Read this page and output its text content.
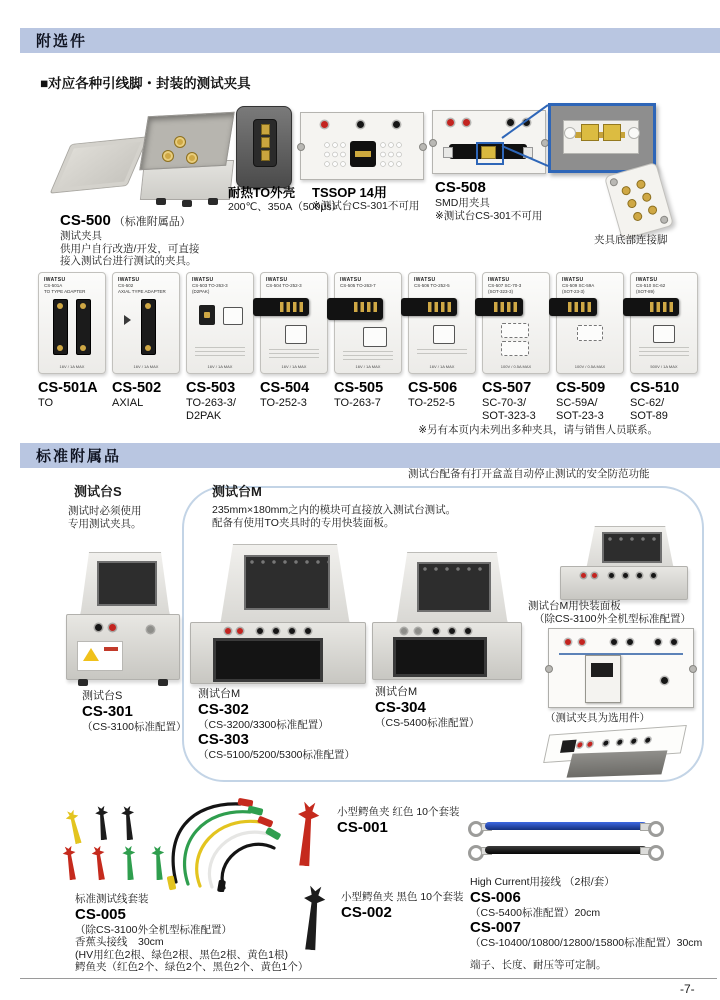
附选件
■对应各种引线脚・封装的测试夹具
CS-500 （标准附属品）
测试夹具
供用户自行改造/开发，可直接
接入测试台进行测试的夹具。
耐热TO外壳
200℃、350A（500μs）
TSSOP 14用
※测试台CS-301不可用
CS-508
SMD用夹具
※测试台CS-301不可用
夹具底部连接脚
IWATSU
CS-501A
TO TYPE ADAPTER
16V / 1A MAX
IWATSU
CS-502
AXIAL TYPE ADAPTER
16V / 1A MAX
IWATSU
CS-503 TO-263-3
(D2PAK)
16V / 1A MAX
IWATSU
CS-504 TO-252-3
16V / 1A MAX
IWATSU
CS-505 TO-263-7
16V / 1A MAX
IWATSU
CS-506 TO-252-5
16V / 1A MAX
IWATSU
CS-507 SC-70-3
(SOT-323-3)
100V / 0.5A MAX
IWATSU
CS-509 SC-59A
(SOT-23-3)
100V / 0.5A MAX
IWATSU
CS-510 SC-62
(SOT-89)
500V / 1A MAX
CS-501A
TO

CS-502
AXIAL

CS-503
TO-263-3/
D2PAK
CS-504
TO-252-3

CS-505
TO-263-7

CS-506
TO-252-5

CS-507
SC-70-3/
SOT-323-3
CS-509
SC-59A/
SOT-23-3
CS-510
SC-62/
SOT-89
※另有本页内未列出多种夹具，请与销售人员联系。
标准附属品
测试台配备有打开盒盖自动停止测试的安全防范功能
测试台S
测试时必须使用
专用测试夹具。
测试台S
CS-301
（CS-3100标准配置）
测试台M
235mm×180mm之内的模块可直接放入测试台测试。
配备有使用TO夹具时的专用快装面板。
测试台M
CS-302
（CS-3200/3300标准配置）
CS-303
（CS-5100/5200/5300标准配置）
测试台M
CS-304
（CS-5400标准配置）
测试台M用快装面板
（除CS-3100外全机型标准配置）
（测试夹具为选用件）
标准测试线套装
CS-005
（除CS-3100外全机型标准配置）
香蕉头接线　30cm
(HV用红色2根、绿色2根、黑色2根、黄色1根)
鳄鱼夹（红色2个、绿色2个、黑色2个、黄色1个）
小型鳄鱼夹 红色 10个套装
CS-001
小型鳄鱼夹 黑色 10个套装
CS-002
High Current用接线 （2根/套）
CS-006
（CS-5400标准配置）20cm
CS-007
（CS-10400/10800/12800/15800标准配置）30cm
端子、长度、耐压等可定制。
-7-
